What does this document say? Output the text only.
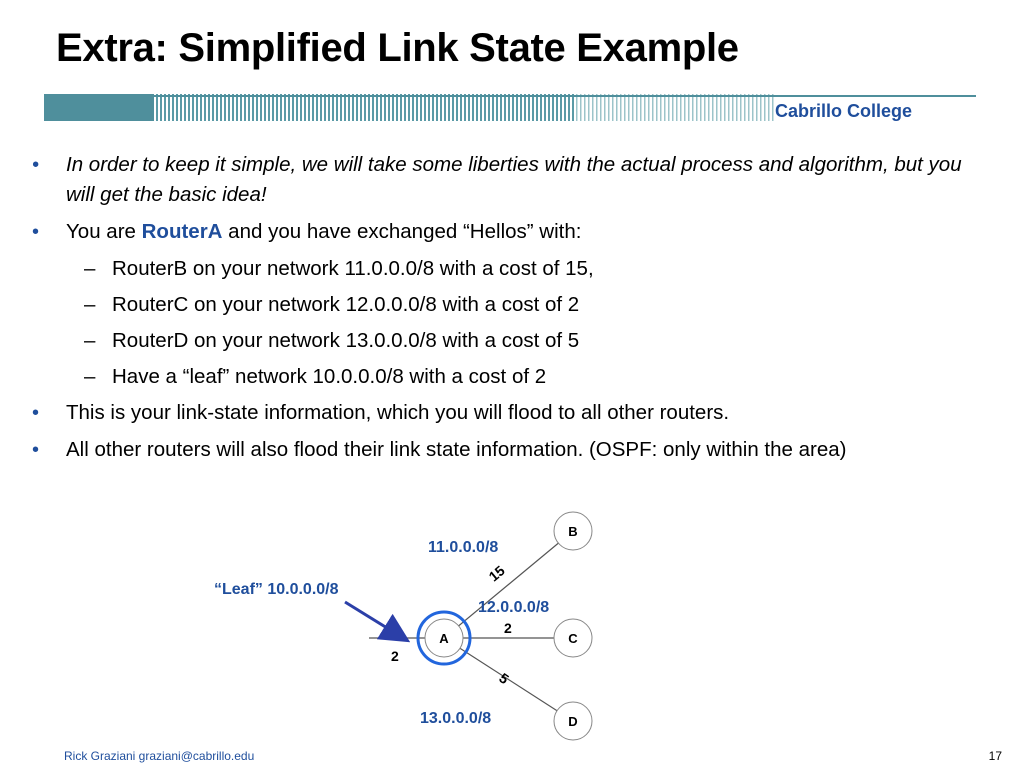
Extra: Simplified Link State Example
Cabrillo College
• In order to keep it simple, we will take some liberties with the actual process and algorithm, but you will get the basic idea!
• You are RouterA and you have exchanged “Hellos” with:
– RouterB on your network 11.0.0.0/8 with a cost of 15,
– RouterC on your network 12.0.0.0/8 with a cost of 2
– RouterD on your network 13.0.0.0/8 with a cost of 5
– Have a “leaf” network 10.0.0.0/8 with a cost of 2
• This is your link-state information, which you will flood to all other routers.
• All other routers will also flood their link state information. (OSPF: only within the area)
A
B
C
D
11.0.0.0/8
12.0.0.0/8
13.0.0.0/8
“Leaf” 10.0.0.0/8
15
2
5
2
Rick Graziani graziani@cabrillo.edu	17
